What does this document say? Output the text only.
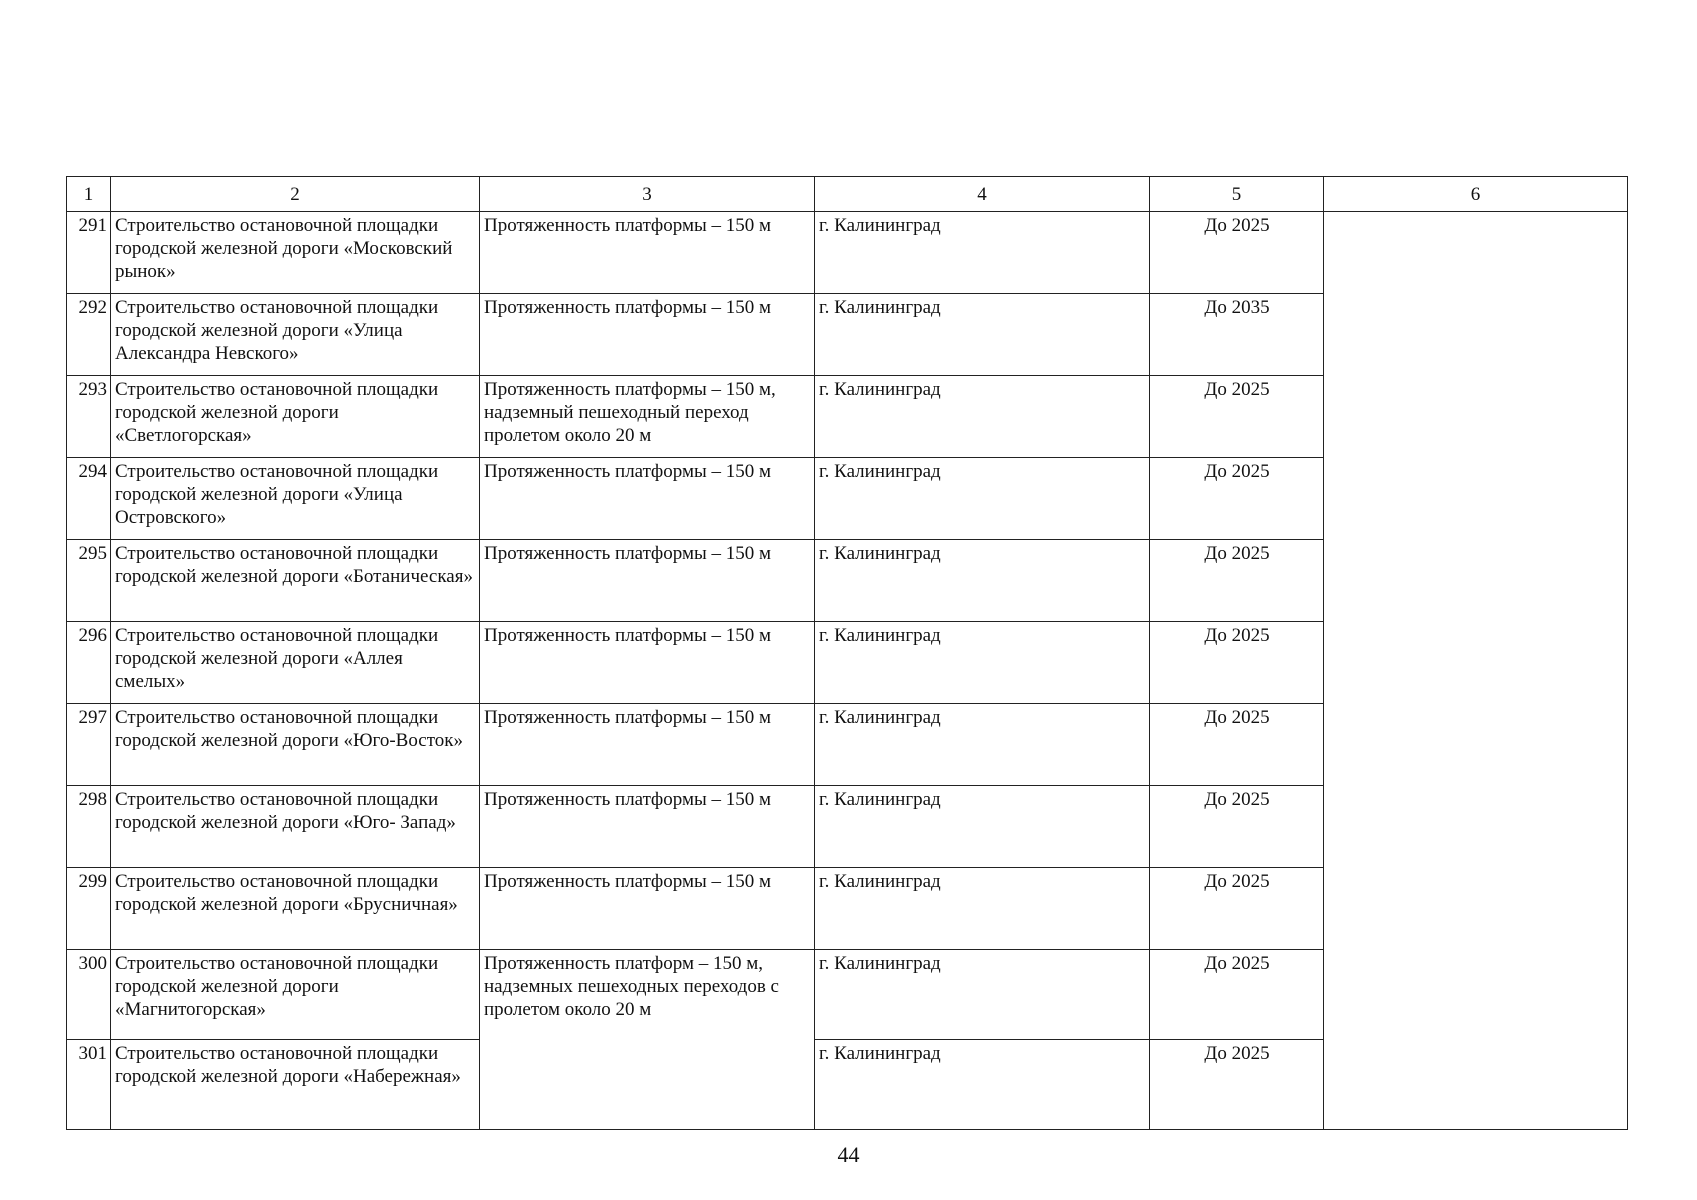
1	2	3	4	5	6
291	Строительство остановочной площадки городской железной дороги «Московский рынок»	Протяженность платформы – 150 м	г. Калининград	До 2025	
292	Строительство остановочной площадки городской железной дороги «Улица Александра Невского»	Протяженность платформы – 150 м	г. Калининград	До 2035	
293	Строительство остановочной площадки городской железной дороги «Светлогорская»	Протяженность платформы – 150 м, надземный пешеходный переход пролетом около 20 м	г. Калининград	До 2025	
294	Строительство остановочной площадки городской железной дороги «Улица Островского»	Протяженность платформы – 150 м	г. Калининград	До 2025	
295	Строительство остановочной площадки городской железной дороги «Ботаническая»	Протяженность платформы – 150 м	г. Калининград	До 2025	
296	Строительство остановочной площадки городской железной дороги «Аллея смелых»	Протяженность платформы – 150 м	г. Калининград	До 2025	
297	Строительство остановочной площадки городской железной дороги «Юго-Восток»	Протяженность платформы – 150 м	г. Калининград	До 2025	
298	Строительство остановочной площадки городской железной дороги «Юго- Запад»	Протяженность платформы – 150 м	г. Калининград	До 2025	
299	Строительство остановочной площадки городской железной дороги «Брусничная»	Протяженность платформы – 150 м	г. Калининград	До 2025	
300	Строительство остановочной площадки городской железной дороги «Магнитогорская»	Протяженность платформ – 150 м, надземных пешеходных переходов с пролетом около 20 м	г. Калининград	До 2025	
301	Строительство остановочной площадки городской железной дороги «Набережная»		г. Калининград	До 2025	
44
